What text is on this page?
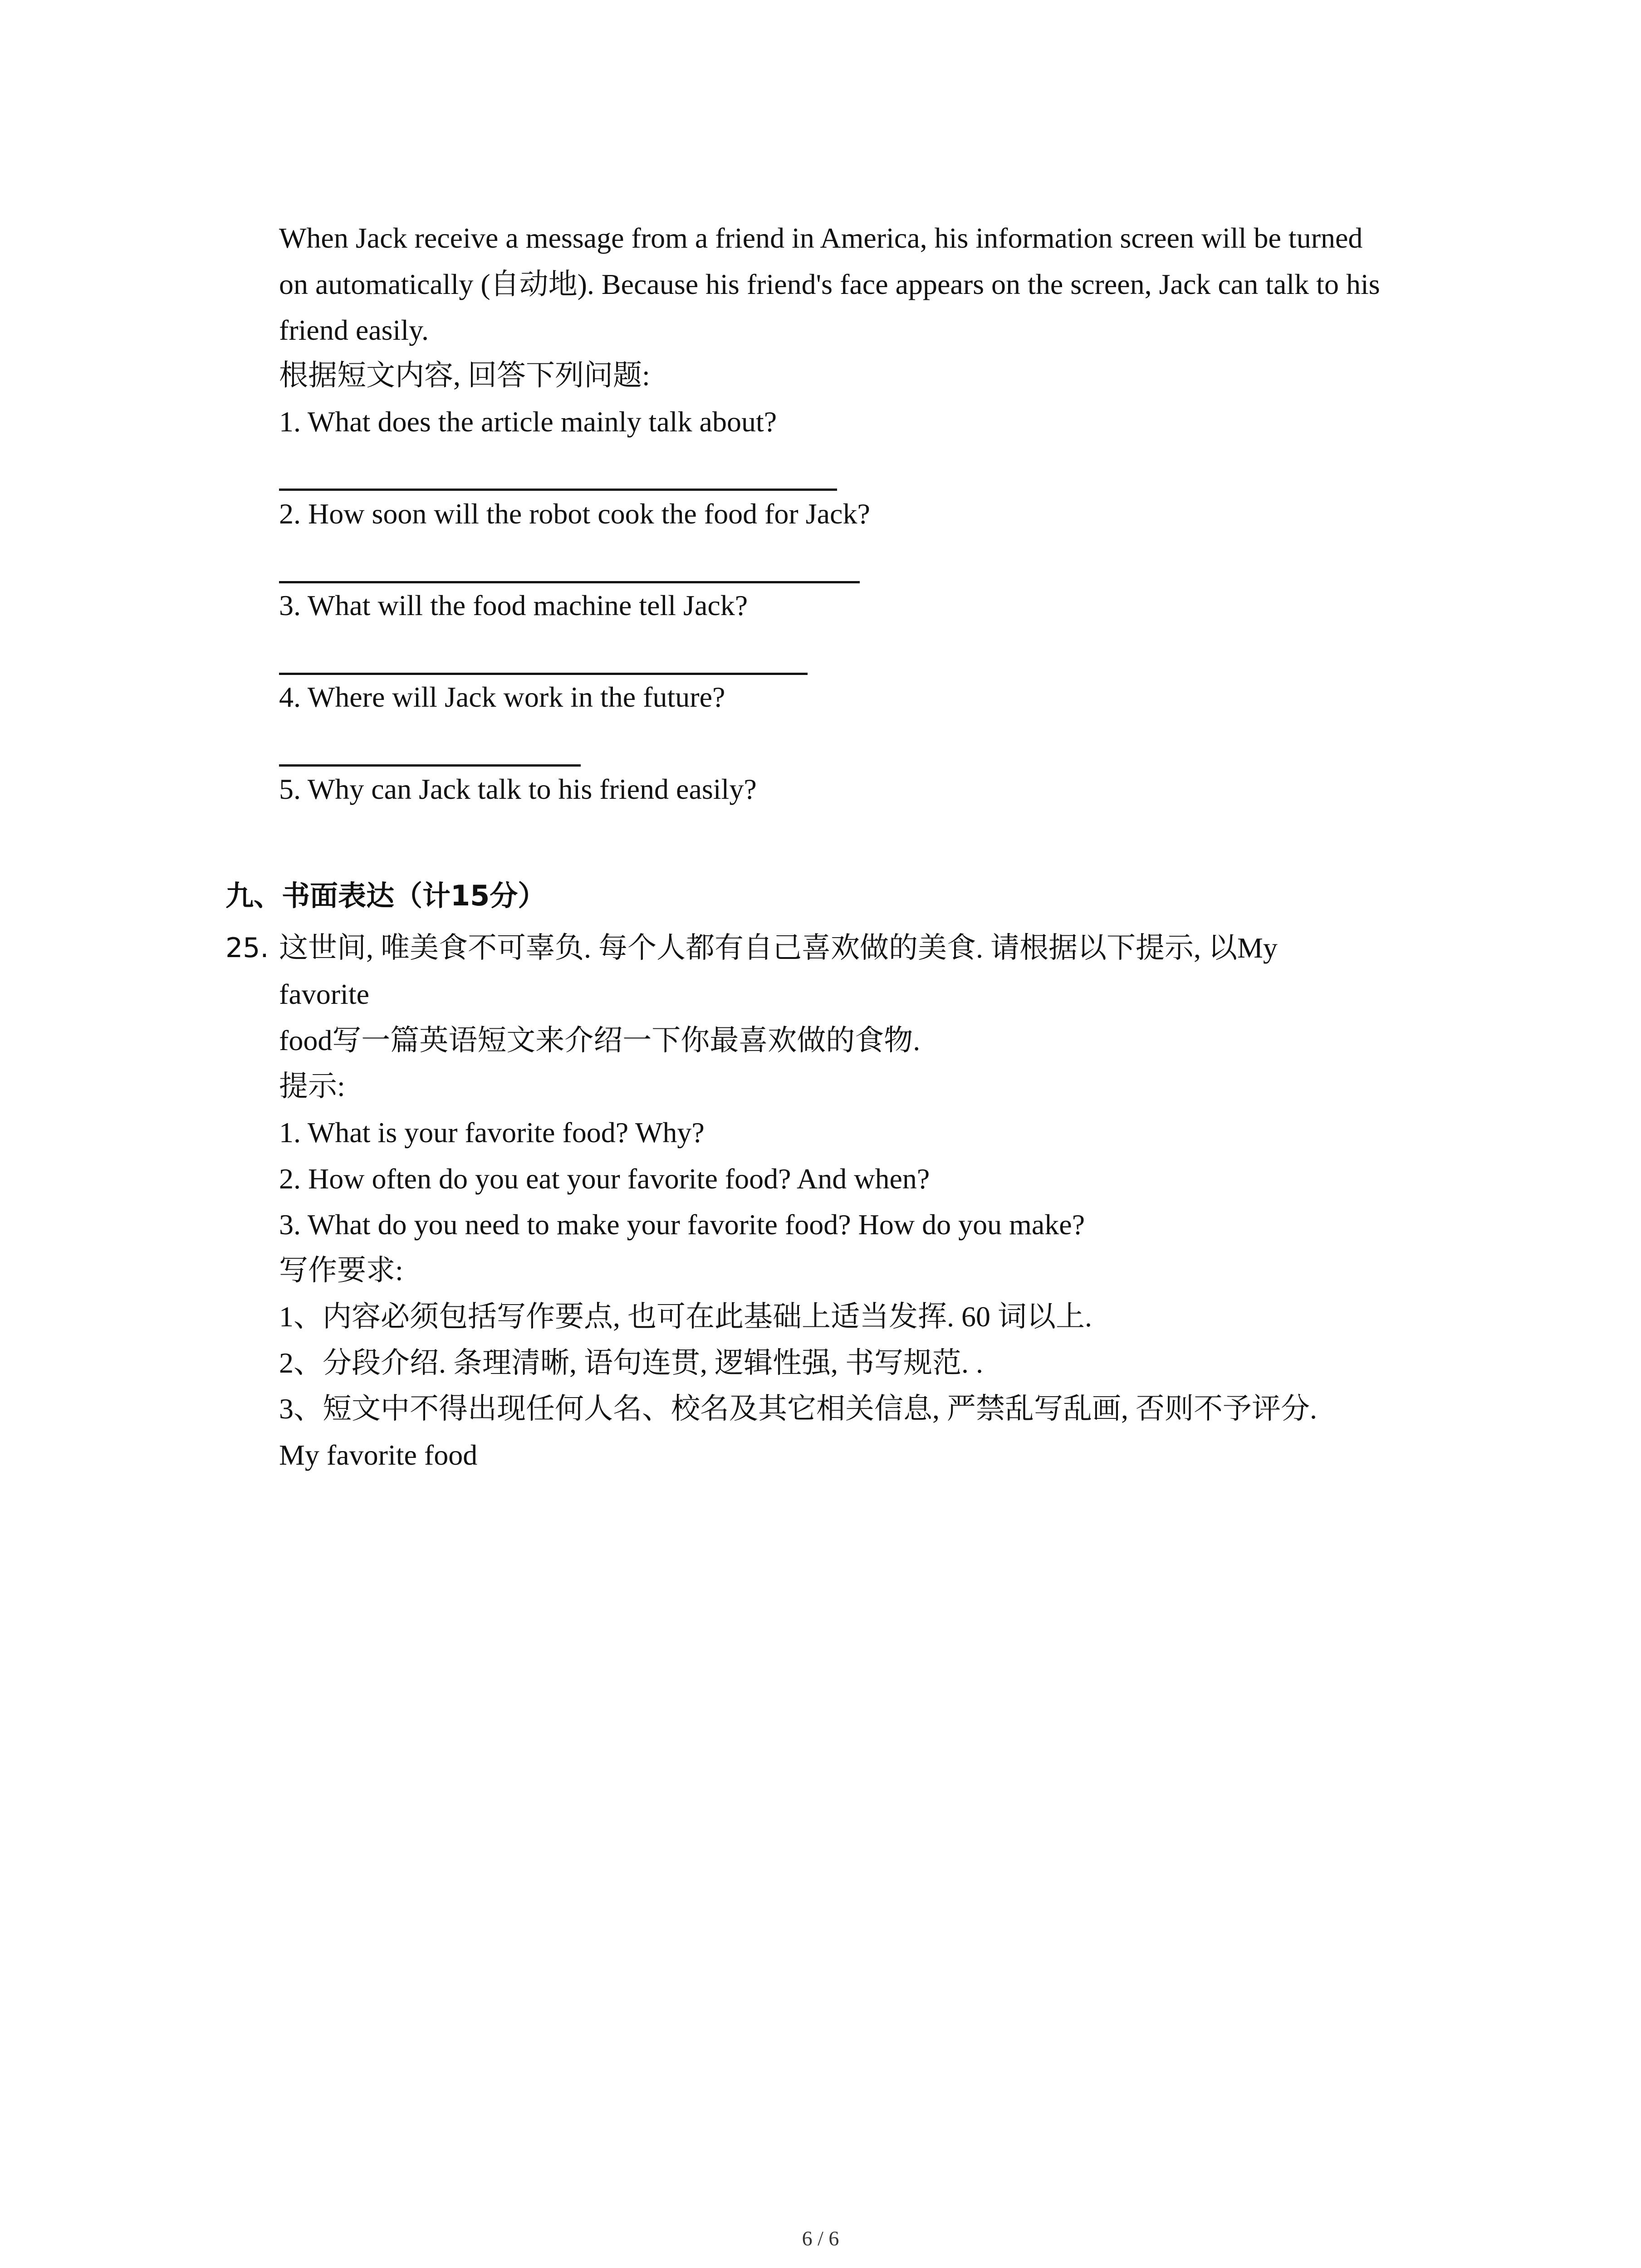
When Jack receive a message from a friend in America, his information screen will be turned
on automatically (自动地). Because his friend's face appears on the screen, Jack can talk to his
friend easily.
根据短文内容, 回答下列问题:
1. What does the article mainly talk about?
2. How soon will the robot cook the food for Jack?
3. What will the food machine tell Jack?
4. Where will Jack work in the future?
5. Why can Jack talk to his friend easily?
九、书面表达（计15分）
25. 这世间, 唯美食不可辜负. 每个人都有自己喜欢做的美食. 请根据以下提示, 以My
favorite
food写一篇英语短文来介绍一下你最喜欢做的食物.
提示:
1. What is your favorite food? Why?
2. How often do you eat your favorite food? And when?
3. What do you need to make your favorite food? How do you make?
写作要求:
1、内容必须包括写作要点, 也可在此基础上适当发挥. 60 词以上.
2、分段介绍. 条理清晰, 语句连贯, 逻辑性强, 书写规范. .
3、短文中不得出现任何人名、校名及其它相关信息, 严禁乱写乱画, 否则不予评分.
My favorite food
6 / 6
